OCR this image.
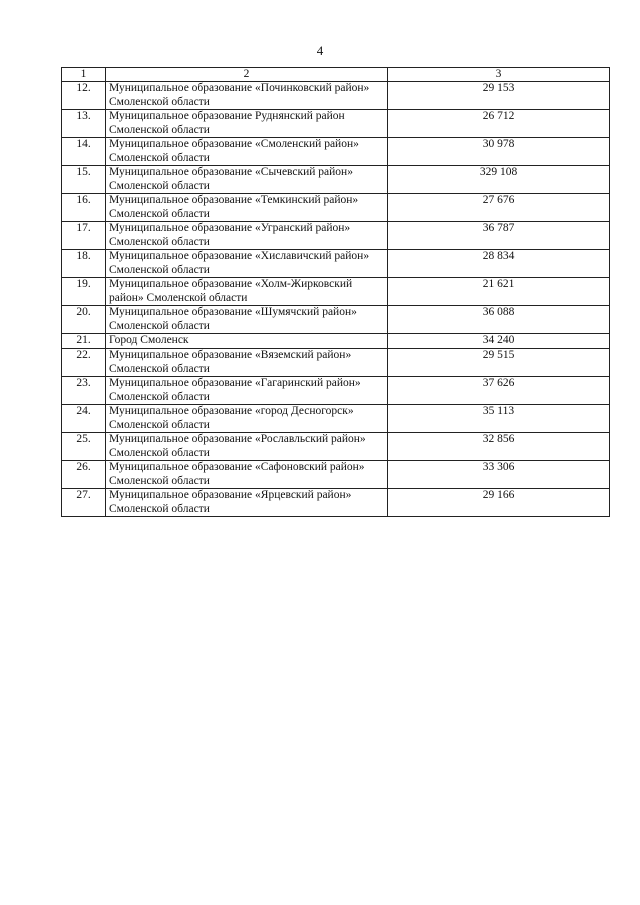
4
1	2	3
12.	Муниципальное образование «Починковский район» Смоленской области	29 153
13.	Муниципальное образование Руднянский район Смоленской области	26 712
14.	Муниципальное образование «Смоленский район» Смоленской области	30 978
15.	Муниципальное образование «Сычевский район» Смоленской области	329 108
16.	Муниципальное образование «Темкинский район» Смоленской области	27 676
17.	Муниципальное образование «Угранский район» Смоленской области	36 787
18.	Муниципальное образование «Хиславичский район» Смоленской области	28 834
19.	Муниципальное образование «Холм-Жирковский район» Смоленской области	21 621
20.	Муниципальное образование «Шумячский район» Смоленской области	36 088
21.	Город Смоленск	34 240
22.	Муниципальное образование «Вяземский район» Смоленской области	29 515
23.	Муниципальное образование «Гагаринский район» Смоленской области	37 626
24.	Муниципальное образование «город Десногорск» Смоленской области	35 113
25.	Муниципальное образование «Рославльский район» Смоленской области	32 856
26.	Муниципальное образование «Сафоновский район» Смоленской области	33 306
27.	Муниципальное образование «Ярцевский район» Смоленской области	29 166
